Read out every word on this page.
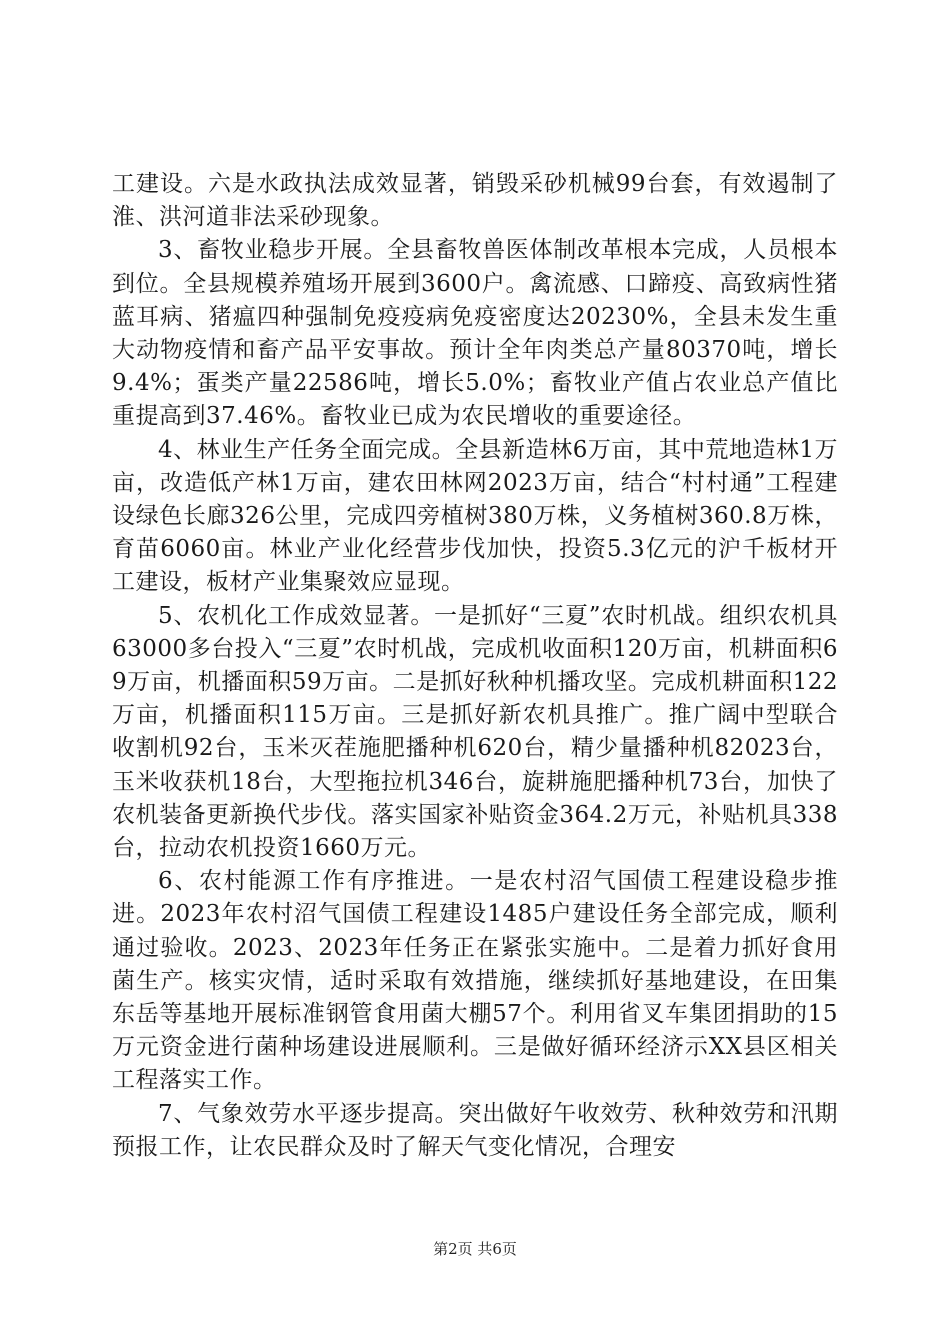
工建设。六是水政执法成效显著，销毁采砂机械99台套，有效遏制了淮、洪河道非法采砂现象。

3、畜牧业稳步开展。全县畜牧兽医体制改革根本完成，人员根本到位。全县规模养殖场开展到3600户。禽流感、口蹄疫、高致病性猪蓝耳病、猪瘟四种强制免疫疫病免疫密度达20230%，全县未发生重大动物疫情和畜产品平安事故。预计全年肉类总产量80370吨，增长9.4%；蛋类产量22586吨，增长5.0%；畜牧业产值占农业总产值比重提高到37.46%。畜牧业已成为农民增收的重要途径。

4、林业生产任务全面完成。全县新造林6万亩，其中荒地造林1万亩，改造低产林1万亩，建农田林网2023万亩，结合“村村通”工程建设绿色长廊326公里，完成四旁植树380万株，义务植树360.8万株，育苗6060亩。林业产业化经营步伐加快，投资5.3亿元的沪千板材开工建设，板材产业集聚效应显现。

5、农机化工作成效显著。一是抓好“三夏”农时机战。组织农机具63000多台投入“三夏”农时机战，完成机收面积120万亩，机耕面积69万亩，机播面积59万亩。二是抓好秋种机播攻坚。完成机耕面积122万亩，机播面积115万亩。三是抓好新农机具推广。推广阔中型联合收割机92台，玉米灭茬施肥播种机620台，精少量播种机82023台，玉米收获机18台，大型拖拉机346台，旋耕施肥播种机73台，加快了农机装备更新换代步伐。落实国家补贴资金364.2万元，补贴机具338台，拉动农机投资1660万元。

6、农村能源工作有序推进。一是农村沼气国债工程建设稳步推进。2023年农村沼气国债工程建设1485户建设任务全部完成，顺利通过验收。2023、2023年任务正在紧张实施中。二是着力抓好食用菌生产。核实灾情，适时采取有效措施，继续抓好基地建设，在田集东岳等基地开展标准钢管食用菌大棚57个。利用省叉车集团捐助的15万元资金进行菌种场建设进展顺利。三是做好循环经济示XX县区相关工程落实工作。

7、气象效劳水平逐步提高。突出做好午收效劳、秋种效劳和汛期预报工作，让农民群众及时了解天气变化情况，合理安

第2页 共6页
